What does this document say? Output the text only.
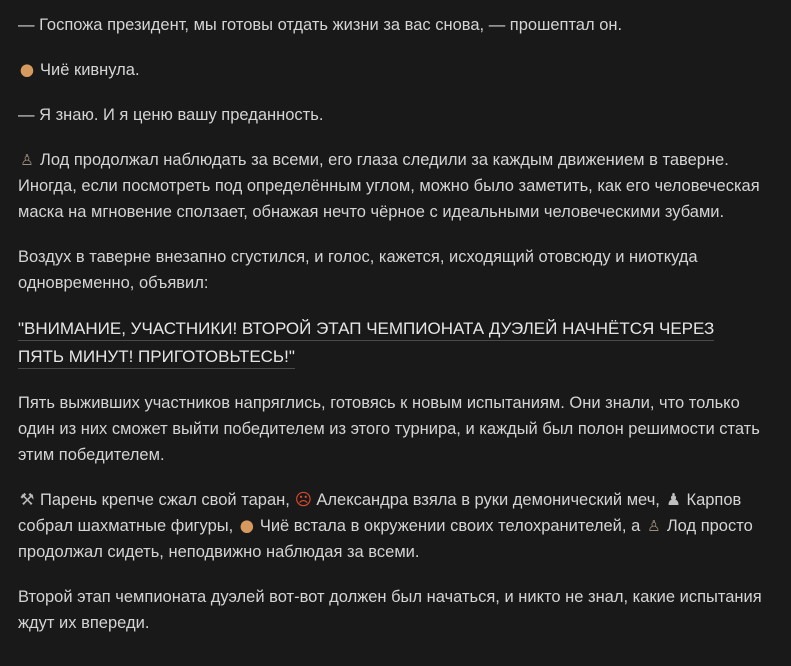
— Госпожа президент, мы готовы отдать жизни за вас снова, — прошептал он.

● Чиё кивнула.

— Я знаю. И я ценю вашу преданность.

♙ Лод продолжал наблюдать за всеми, его глаза следили за каждым движением в таверне. Иногда, если посмотреть под определённым углом, можно было заметить, как его человеческая маска на мгновение сползает, обнажая нечто чёрное с идеальными человеческими зубами.

Воздух в таверне внезапно сгустился, и голос, кажется, исходящий отовсюду и ниоткуда одновременно, объявил:

"ВНИМАНИЕ, УЧАСТНИКИ! ВТОРОЙ ЭТАП ЧЕМПИОНАТА ДУЭЛЕЙ НАЧНЁТСЯ ЧЕРЕЗ
ПЯТЬ МИНУТ! ПРИГОТОВЬТЕСЬ!"

Пять выживших участников напряглись, готовясь к новым испытаниям. Они знали, что только один из них сможет выйти победителем из этого турнира, и каждый был полон решимости стать этим победителем.

⚒ Парень крепче сжал свой таран, ☹ Александра взяла в руки демонический меч, ♟ Карпов собрал шахматные фигуры, ● Чиё встала в окружении своих телохранителей, а ♙ Лод просто продолжал сидеть, неподвижно наблюдая за всеми.

Второй этап чемпионата дуэлей вот-вот должен был начаться, и никто не знал, какие испытания ждут их впереди.
